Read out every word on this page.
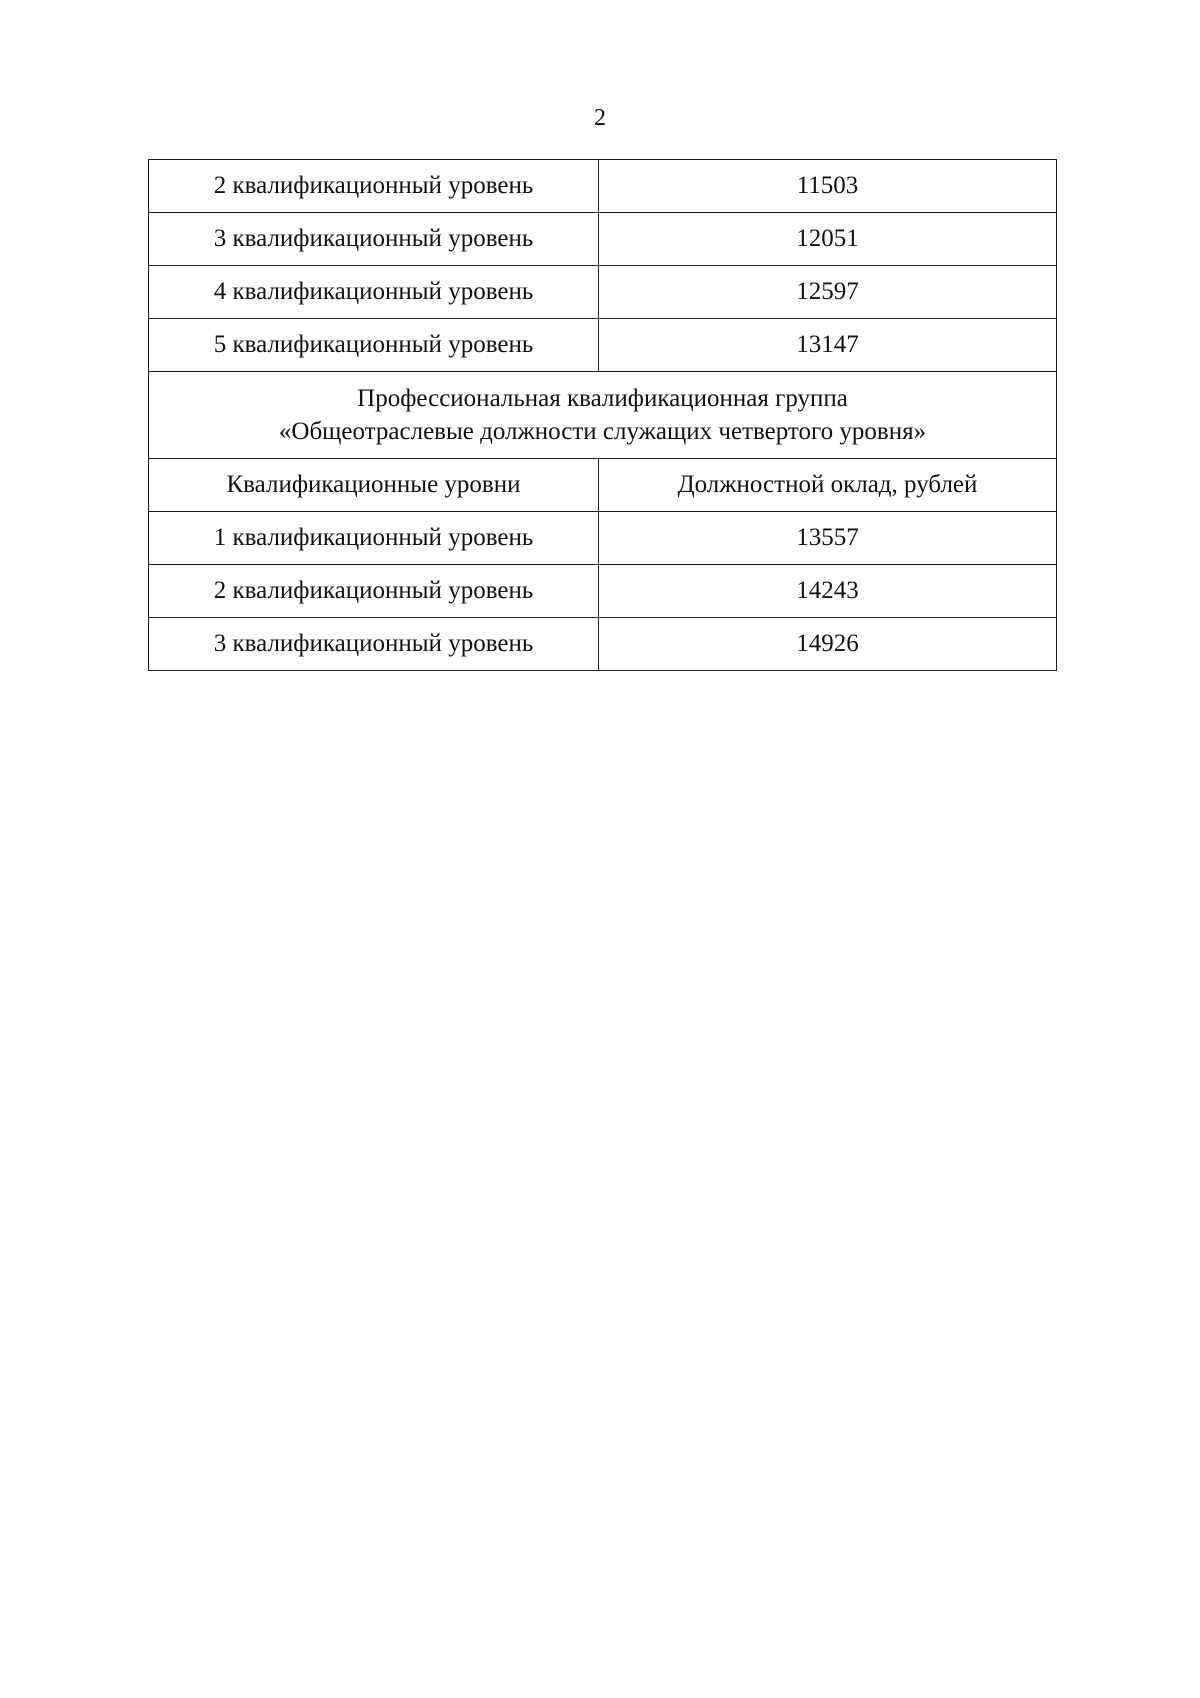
2
2 квалификационный уровень	11503
3 квалификационный уровень	12051
4 квалификационный уровень	12597
5 квалификационный уровень	13147

Профессиональная квалификационная группа
«Общеотраслевые должности служащих четвертого уровня»	

Квалификационные уровни	Должностной оклад, рублей
1 квалификационный уровень	13557
2 квалификационный уровень	14243
3 квалификационный уровень	14926
